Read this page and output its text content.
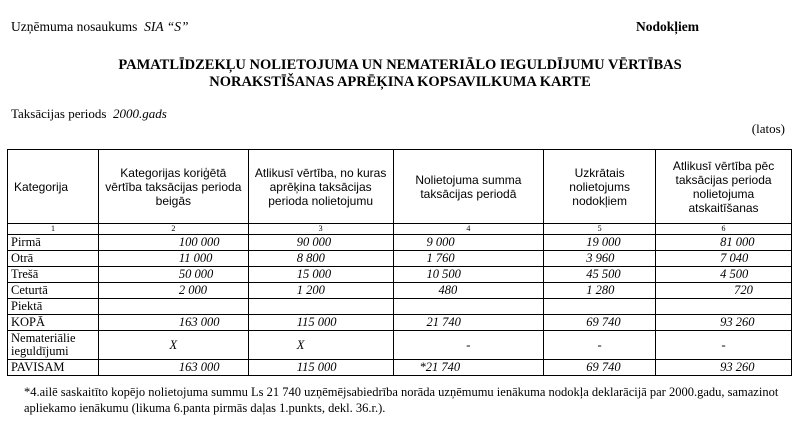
Uzņēmuma nosaukums SIA “S”	Nodokļiem
PAMATLĪDZEKĻU NOLIETOJUMA UN NEMATERIĀLO IEGULDĪJUMU VĒRTĪBAS
NORAKSTĪŠANAS APRĒĶINA KOPSAVILKUMA KARTE
Taksācijas periods 2000.gads
(latos)
Kategorija	Kategorijas koriģētā vērtība taksācijas perioda beigās	Atlikusī vērtība, no kuras aprēķina taksācijas perioda nolietojumu	Nolietojuma summa taksācijas periodā	Uzkrātais nolietojums nodokļiem	Atlikusī vērtība pēc taksācijas perioda nolietojuma atskaitīšanas
1	2	3	4	5	6
Pirmā	100 000	90 000	9 000	19 000	81 000
Otrā	11 000	8 800	1 760	3 960	7 040
Trešā	50 000	15 000	10 500	45 500	4 500
Ceturtā	2 000	1 200	480	1 280	720
Piektā					
KOPĀ	163 000	115 000	21 740	69 740	93 260
Nemateriālie ieguldījumi	X	X	-	-	-
PAVISAM	163 000	115 000	*21 740	69 740	93 260
*4.ailē saskaitīto kopējo nolietojuma summu Ls 21 740 uzņēmējsabiedrība norāda uzņēmumu ienākuma nodokļa deklarācijā par 2000.gadu, samazinot apliekamo ienākumu (likuma 6.panta pirmās daļas 1.punkts, dekl. 36.r.).
